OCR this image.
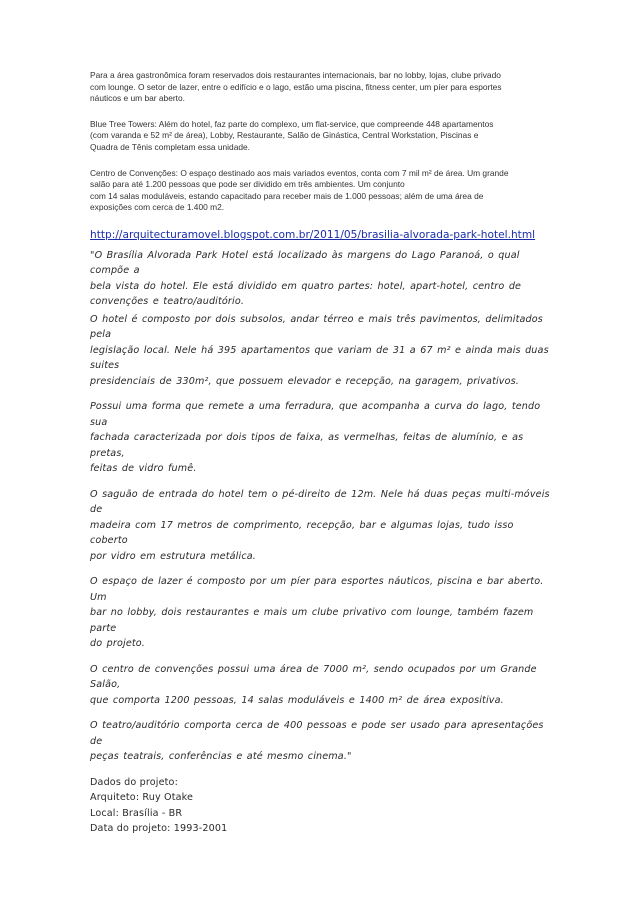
Para a área gastronômica foram reservados dois restaurantes internacionais, bar no lobby, lojas, clube privado

com lounge. O setor de lazer, entre o edifício e o lago, estão uma piscina, fitness center, um píer para esportes

náuticos e um bar aberto.

Blue Tree Towers: Além do hotel, faz parte do complexo, um flat-service, que compreende 448 apartamentos

(com varanda e 52 m² de área), Lobby, Restaurante, Salão de Ginástica, Central Workstation, Piscinas e

Quadra de Tênis completam essa unidade.

Centro de Convenções: O espaço destinado aos mais variados eventos, conta com 7 mil m² de área. Um grande

salão para até 1.200 pessoas que pode ser dividido em três ambientes. Um conjunto

com 14 salas moduláveis, estando capacitado para receber mais de 1.000 pessoas; além de uma área de

exposições com cerca de 1.400 m2.

http://arquitecturamovel.blogspot.com.br/2011/05/brasilia-alvorada-park-hotel.html

"O Brasília Alvorada Park Hotel está localizado às margens do Lago Paranoá, o qual compõe a

bela vista do hotel. Ele está dividido em quatro partes: hotel, apart-hotel, centro de

convenções e teatro/auditório.

O hotel é composto por dois subsolos, andar térreo e mais três pavimentos, delimitados pela

legislação local. Nele há 395 apartamentos que variam de 31 a 67 m² e ainda mais duas suites

presidenciais de 330m², que possuem elevador e recepção, na garagem, privativos.

Possui uma forma que remete a uma ferradura, que acompanha a curva do lago, tendo sua

fachada caracterizada por dois tipos de faixa, as vermelhas, feitas de alumínio, e as pretas,

feitas de vidro fumê.

O saguão de entrada do hotel tem o pé-direito de 12m. Nele há duas peças multi-móveis de

madeira com 17 metros de comprimento, recepção, bar e algumas lojas, tudo isso coberto

por vidro em estrutura metálica.

O espaço de lazer é composto por um píer para esportes náuticos, piscina e bar aberto. Um

bar no lobby, dois restaurantes e mais um clube privativo com lounge, também fazem parte

do projeto.

O centro de convenções possui uma área de 7000 m², sendo ocupados por um Grande Salão,

que comporta 1200 pessoas, 14 salas moduláveis e 1400 m² de área expositiva.

O teatro/auditório comporta cerca de 400 pessoas e pode ser usado para apresentações de

peças teatrais, conferências e até mesmo cinema."

Dados do projeto:
Arquiteto: Ruy Otake
Local: Brasília - BR
Data do projeto: 1993-2001
